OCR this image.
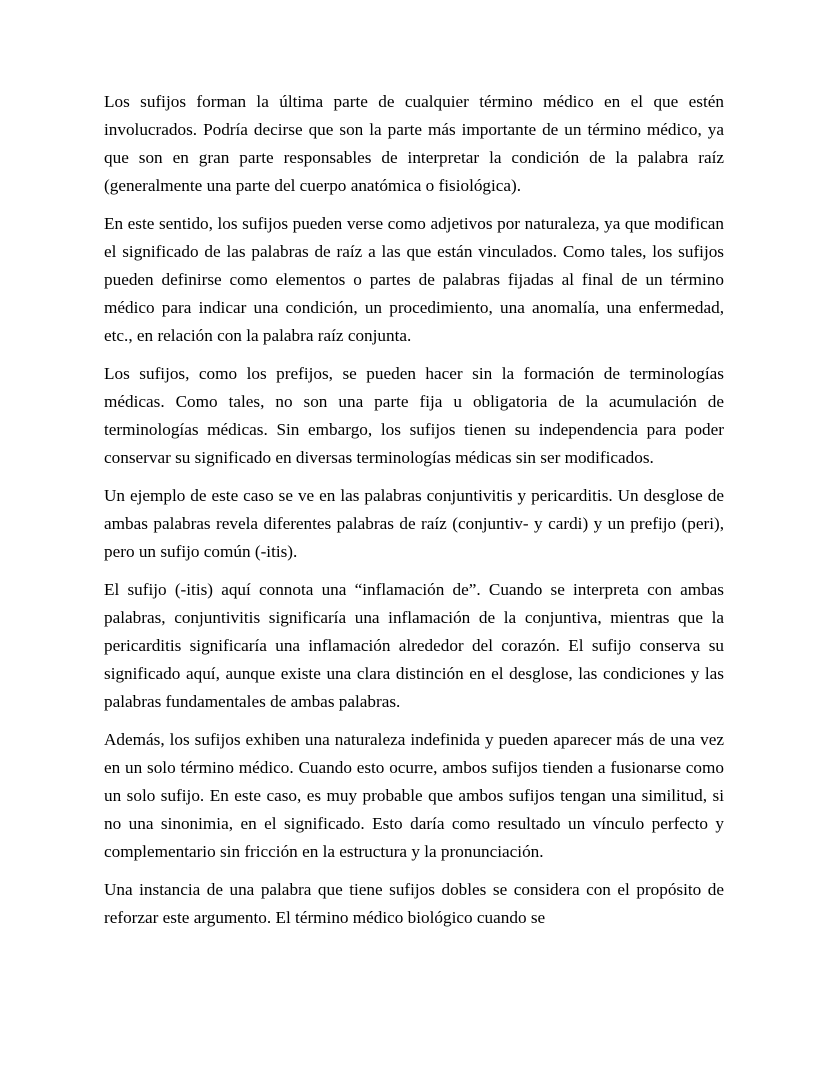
Los sufijos forman la última parte de cualquier término médico en el que estén involucrados. Podría decirse que son la parte más importante de un término médico, ya que son en gran parte responsables de interpretar la condición de la palabra raíz (generalmente una parte del cuerpo anatómica o fisiológica).

En este sentido, los sufijos pueden verse como adjetivos por naturaleza, ya que modifican el significado de las palabras de raíz a las que están vinculados. Como tales, los sufijos pueden definirse como elementos o partes de palabras fijadas al final de un término médico para indicar una condición, un procedimiento, una anomalía, una enfermedad, etc., en relación con la palabra raíz conjunta.

Los sufijos, como los prefijos, se pueden hacer sin la formación de terminologías médicas. Como tales, no son una parte fija u obligatoria de la acumulación de terminologías médicas. Sin embargo, los sufijos tienen su independencia para poder conservar su significado en diversas terminologías médicas sin ser modificados.

Un ejemplo de este caso se ve en las palabras conjuntivitis y pericarditis. Un desglose de ambas palabras revela diferentes palabras de raíz (conjuntiv- y cardi) y un prefijo (peri), pero un sufijo común (-itis).

El sufijo (-itis) aquí connota una “inflamación de”. Cuando se interpreta con ambas palabras, conjuntivitis significaría una inflamación de la conjuntiva, mientras que la pericarditis significaría una inflamación alrededor del corazón. El sufijo conserva su significado aquí, aunque existe una clara distinción en el desglose, las condiciones y las palabras fundamentales de ambas palabras.

Además, los sufijos exhiben una naturaleza indefinida y pueden aparecer más de una vez en un solo término médico. Cuando esto ocurre, ambos sufijos tienden a fusionarse como un solo sufijo. En este caso, es muy probable que ambos sufijos tengan una similitud, si no una sinonimia, en el significado. Esto daría como resultado un vínculo perfecto y complementario sin fricción en la estructura y la pronunciación.

Una instancia de una palabra que tiene sufijos dobles se considera con el propósito de reforzar este argumento. El término médico biológico cuando se
